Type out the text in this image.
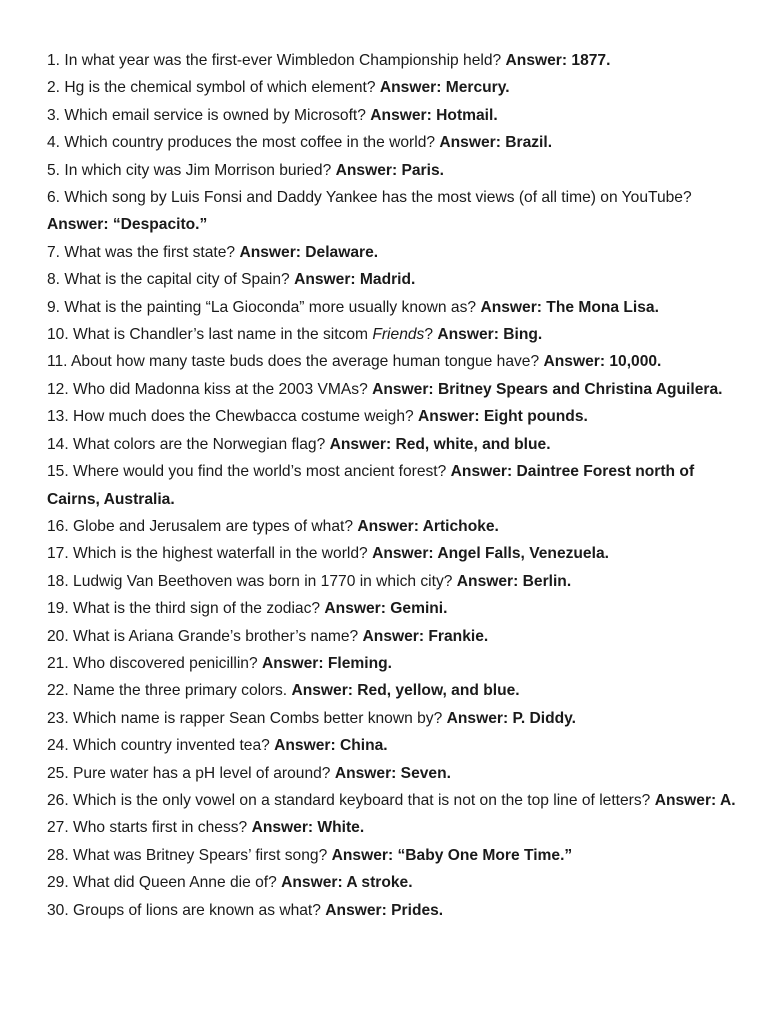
1. In what year was the first-ever Wimbledon Championship held? Answer: 1877.

2. Hg is the chemical symbol of which element? Answer: Mercury.

3. Which email service is owned by Microsoft? Answer: Hotmail.

4. Which country produces the most coffee in the world? Answer: Brazil.

5. In which city was Jim Morrison buried? Answer: Paris.

6. Which song by Luis Fonsi and Daddy Yankee has the most views (of all time) on YouTube? Answer: “Despacito.”

7. What was the first state? Answer: Delaware.

8. What is the capital city of Spain? Answer: Madrid.

9. What is the painting “La Gioconda” more usually known as? Answer: The Mona Lisa.

10. What is Chandler’s last name in the sitcom Friends? Answer: Bing.

11. About how many taste buds does the average human tongue have? Answer: 10,000.

12. Who did Madonna kiss at the 2003 VMAs? Answer: Britney Spears and Christina Aguilera.

13. How much does the Chewbacca costume weigh? Answer: Eight pounds.

14. What colors are the Norwegian flag? Answer: Red, white, and blue.

15. Where would you find the world’s most ancient forest? Answer: Daintree Forest north of Cairns, Australia.

16. Globe and Jerusalem are types of what? Answer: Artichoke.

17. Which is the highest waterfall in the world? Answer: Angel Falls, Venezuela.

18. Ludwig Van Beethoven was born in 1770 in which city? Answer: Berlin.

19. What is the third sign of the zodiac? Answer: Gemini.

20. What is Ariana Grande’s brother’s name? Answer: Frankie.

21. Who discovered penicillin? Answer: Fleming.

22. Name the three primary colors. Answer: Red, yellow, and blue.

23. Which name is rapper Sean Combs better known by? Answer: P. Diddy.

24. Which country invented tea? Answer: China.

25. Pure water has a pH level of around? Answer: Seven.

26. Which is the only vowel on a standard keyboard that is not on the top line of letters? Answer: A.

27. Who starts first in chess? Answer: White.

28. What was Britney Spears’ first song? Answer: “Baby One More Time.”

29. What did Queen Anne die of? Answer: A stroke.

30. Groups of lions are known as what? Answer: Prides.
